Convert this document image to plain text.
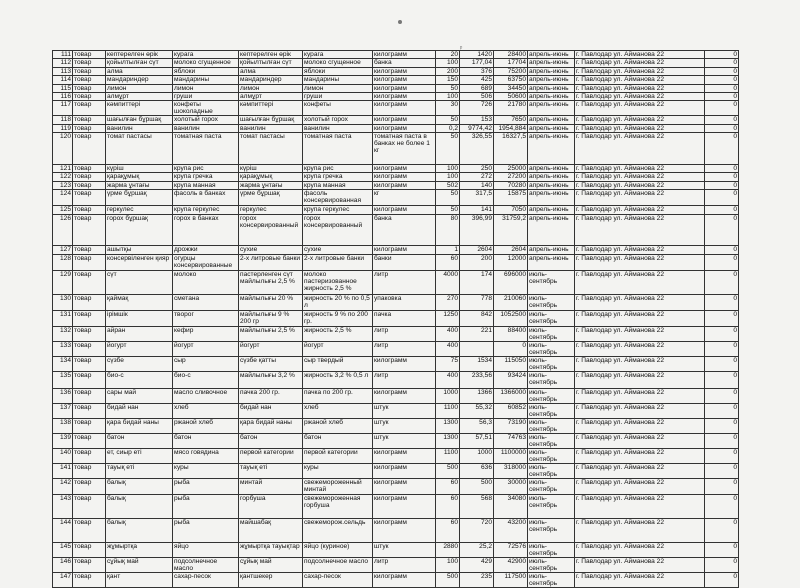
ᵖ
111	товар	кептерелген өрік	курага	кептерелген өрік	курага	килограмм	20	1420	28400	апрель-июнь	г. Павлодар ул. Айманова 22	0
112	товар	қойылтылған сүт	молоко сгущенное	қойылтылған сүт	молоко сгущенное	банка	100	177,04	17704	апрель-июнь	г. Павлодар ул. Айманова 22	0
113	товар	алма	яблоки	алма	яблоки	килограмм	200	376	75200	апрель-июнь	г. Павлодар ул. Айманова 22	0
114	товар	мандариндер	мандарины	мандариндер	мандарины	килограмм	150	425	63750	апрель-июнь	г. Павлодар ул. Айманова 22	0
115	товар	лимон	лимон	лимон	лимон	килограмм	50	689	34450	апрель-июнь	г. Павлодар ул. Айманова 22	0
116	товар	алмұрт	груши	алмұрт	груши	килограмм	100	506	50600	апрель-июнь	г. Павлодар ул. Айманова 22	0
117	товар	кәмпиттері	конфеты шоколадные	кәмпиттері	конфеты	килограмм	30	726	21780	апрель-июнь	г. Павлодар ул. Айманова 22	0
118	товар	шағылған бұршақ	холотый горох	шағылған бұршақ	холотый горох	килограмм	50	153	7650	апрель-июнь	г. Павлодар ул. Айманова 22	0
119	товар	ванилин	ванилин	ванилин	ванилин	килограмм	0,2	9774,42	1954,884	апрель-июнь	г. Павлодар ул. Айманова 22	0
120	товар	томат пастасы	томатная паста	томат пастасы	томатная паста	томатная паста в банках не более 1 кг	50	326,55	16327,5	апрель-июнь	г. Павлодар ул. Айманова 22	0
121	товар	күріш	крупа рис	күріш	крупа рис	килограмм	100	250	25000	апрель-июнь	г. Павлодар ул. Айманова 22	0
122	товар	қарақұмық	крупа гречка	қарақұмық	крупа гречка	килограмм	100	272	27200	апрель-июнь	г. Павлодар ул. Айманова 22	0
123	товар	жарма ұнтағы	крупа манная	жарма ұнтағы	крупа манная	килограмм	502	140	70280	апрель-июнь	г. Павлодар ул. Айманова 22	0
124	товар	үрме бұршақ	фасоль в банках	үрме бұршақ	фасоль консервированная	кг	50	317,5	15875	апрель-июнь	г. Павлодар ул. Айманова 22	0
125	товар	геркулес	крупа геркулес	геркулес	крупа геркулес	килограмм	50	141	7050	апрель-июнь	г. Павлодар ул. Айманова 22	0
126	товар	горох бұршақ	горох в банках	горох консервированный	горох консервированный	банка	80	396,99	31759,2	апрель-июнь	г. Павлодар ул. Айманова 22	0
127	товар	ашытқы	дрожжи	сухие	сухие	килограмм	1	2604	2604	апрель-июнь	г. Павлодар ул. Айманова 22	0
128	товар	консервіленген қияр	огурцы консервированные	2-х литровые банки	2-х литровые банки	банки	60	200	12000	апрель-июнь	г. Павлодар ул. Айманова 22	0
129	товар	сүт	молоко	пастерленген сүт майлылығы 2,5 %	молоко пастеризованное жирность 2,5 %	литр	4000	174	696000	июль-сентябрь	г. Павлодар ул. Айманова 22	0
130	товар	қаймақ	сметана	майлылығы 20 %	жирность 20 % по 0,5 л	упаковка	270	778	210060	июль-сентябрь	г. Павлодар ул. Айманова 22	0
131	товар	ірімшік	творог	майлылығы 9 % 200 гр	жирность 9 % по 200 гр.	пачка	1250	842	1052500	июль-сентябрь	г. Павлодар ул. Айманова 22	0
132	товар	айран	кефир	майлылығы 2,5 %	жирность 2,5 %	литр	400	221	88400	июль-сентябрь	г. Павлодар ул. Айманова 22	0
133	товар	йогурт	йогурт	йогурт	йогурт	литр	400		0	июль-сентябрь	г. Павлодар ул. Айманова 22	0
134	товар	сүзбе	сыр	сүзбе қатты	сыр твердый	килограмм	75	1534	115050	июль-сентябрь	г. Павлодар ул. Айманова 22	0
135	товар	био-с	био-с	майлылығы 3,2 %	жирность 3,2 % 0,5 л	литр	400	233,56	93424	июль-сентябрь	г. Павлодар ул. Айманова 22	0
136	товар	сары май	масло сливочное	пачка 200 гр.	пачка по 200 гр.	килограмм	1000	1366	1366000	июль-сентябрь	г. Павлодар ул. Айманова 22	0
137	товар	бидай нан	хлеб	бидай нан	хлеб	штук	1100	55,32	60852	июль-сентябрь	г. Павлодар ул. Айманова 22	0
138	товар	қара бидай наны	ржаной хлеб	қара бидай наны	ржаной хлеб	штук	1300	56,3	73190	июль-сентябрь	г. Павлодар ул. Айманова 22	0
139	товар	батон	батон	батон	батон	штук	1300	57,51	74763	июль-сентябрь	г. Павлодар ул. Айманова 22	0
140	товар	ет, сиыр еті	мясо говядина	первой категории	первой категории	килограмм	1100	1000	1100000	июль-сентябрь	г. Павлодар ул. Айманова 22	0
141	товар	тауық еті	куры	тауық еті	куры	килограмм	500	636	318000	июль-сентябрь	г. Павлодар ул. Айманова 22	0
142	товар	балық	рыба	минтай	свежемороженный минтай	килограмм	60	500	30000	июль-сентябрь	г. Павлодар ул. Айманова 22	0
143	товар	балық	рыба	горбуша	свежемороженная горбуша	килограмм	60	568	34080	июль-сентябрь	г. Павлодар ул. Айманова 22	0
144	товар	балық	рыба	майшабақ	свежеморож.сельдь	килограмм	60	720	43200	июль-сентябрь	г. Павлодар ул. Айманова 22	0
145	товар	жұмыртқа	яйцо	жұмыртқа тауықтар	яйцо (куриное)	штук	2880	25,2	72576	июль-сентябрь	г. Павлодар ул. Айманова 22	0
146	товар	сұйық май	подсолнечное масло	сұйық май	подсолнечное масло	литр	100	429	42900	июль-сентябрь	г. Павлодар ул. Айманова 22	0
147	товар	қант	сахар-песок	қантшекер	сахар-песок	килограмм	500	235	117500	июль-сентябрь	г. Павлодар ул. Айманова 22	0
